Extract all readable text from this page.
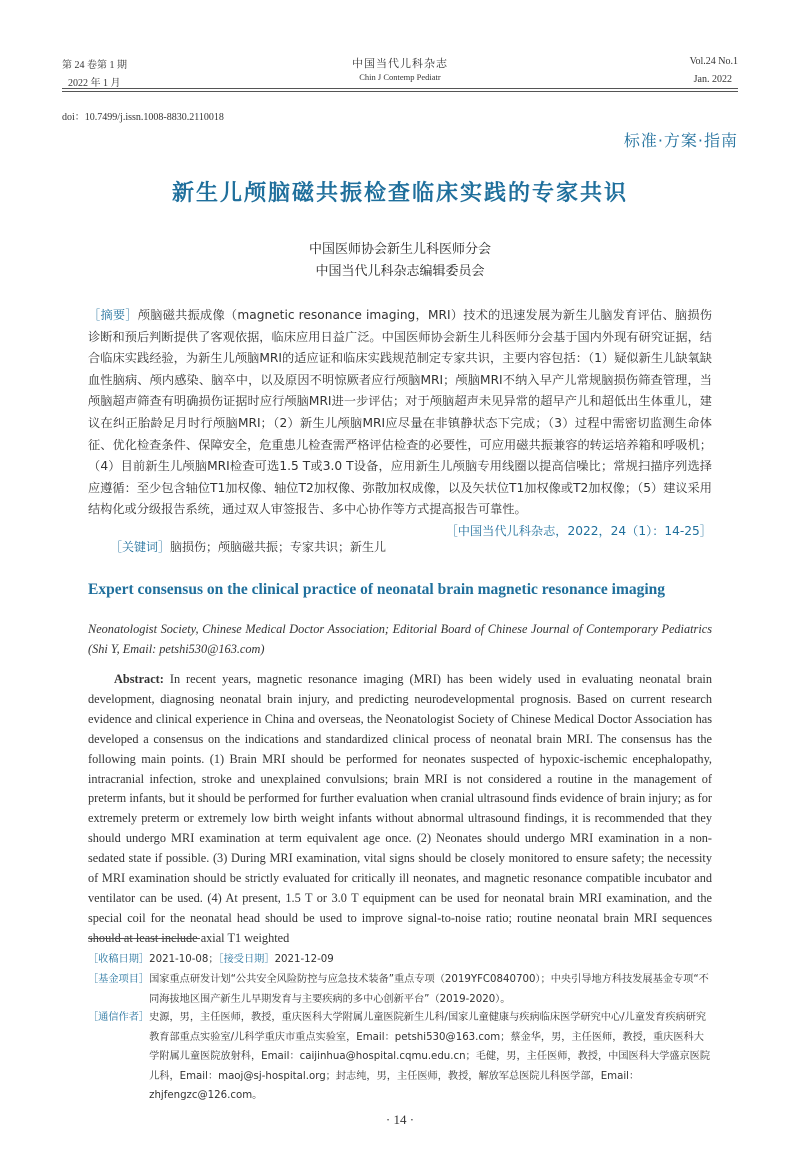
第 24 卷第 1 期
2022 年 1 月
中国当代儿科杂志
Chin J Contemp Pediatr
Vol.24 No.1
Jan. 2022
doi：10.7499/j.issn.1008-8830.2110018
标准·方案·指南
新生儿颅脑磁共振检查临床实践的专家共识
中国医师协会新生儿科医师分会
中国当代儿科杂志编辑委员会
［摘要］颅脑磁共振成像（magnetic resonance imaging，MRI）技术的迅速发展为新生儿脑发育评估、脑损伤诊断和预后判断提供了客观依据，临床应用日益广泛。中国医师协会新生儿科医师分会基于国内外现有研究证据，结合临床实践经验，为新生儿颅脑MRI的适应证和临床实践规范制定专家共识，主要内容包括：（1）疑似新生儿缺氧缺血性脑病、颅内感染、脑卒中，以及原因不明惊厥者应行颅脑MRI；颅脑MRI不纳入早产儿常规脑损伤筛查管理，当颅脑超声筛查有明确损伤证据时应行颅脑MRI进一步评估；对于颅脑超声未见异常的超早产儿和超低出生体重儿，建议在纠正胎龄足月时行颅脑MRI；（2）新生儿颅脑MRI应尽量在非镇静状态下完成；（3）过程中需密切监测生命体征、优化检查条件、保障安全，危重患儿检查需严格评估检查的必要性，可应用磁共振兼容的转运培养箱和呼吸机；（4）目前新生儿颅脑MRI检查可选1.5 T或3.0 T设备，应用新生儿颅脑专用线圈以提高信噪比；常规扫描序列选择应遵循：至少包含轴位T1加权像、轴位T2加权像、弥散加权成像，以及矢状位T1加权像或T2加权像；（5）建议采用结构化或分级报告系统，通过双人审签报告、多中心协作等方式提高报告可靠性。
［中国当代儿科杂志，2022，24（1）：14-25］
［关键词］脑损伤；颅脑磁共振；专家共识；新生儿
Expert consensus on the clinical practice of neonatal brain magnetic resonance imaging
Neonatologist Society, Chinese Medical Doctor Association; Editorial Board of Chinese Journal of Contemporary Pediatrics (Shi Y, Email: petshi530@163.com)
Abstract: In recent years, magnetic resonance imaging (MRI) has been widely used in evaluating neonatal brain development, diagnosing neonatal brain injury, and predicting neurodevelopmental prognosis. Based on current research evidence and clinical experience in China and overseas, the Neonatologist Society of Chinese Medical Doctor Association has developed a consensus on the indications and standardized clinical process of neonatal brain MRI. The consensus has the following main points. (1) Brain MRI should be performed for neonates suspected of hypoxic-ischemic encephalopathy, intracranial infection, stroke and unexplained convulsions; brain MRI is not considered a routine in the management of preterm infants, but it should be performed for further evaluation when cranial ultrasound finds evidence of brain injury; as for extremely preterm or extremely low birth weight infants without abnormal ultrasound findings, it is recommended that they should undergo MRI examination at term equivalent age once. (2) Neonates should undergo MRI examination in a non-sedated state if possible. (3) During MRI examination, vital signs should be closely monitored to ensure safety; the necessity of MRI examination should be strictly evaluated for critically ill neonates, and magnetic resonance compatible incubator and ventilator can be used. (4) At present, 1.5 T or 3.0 T equipment can be used for neonatal brain MRI examination, and the special coil for the neonatal head should be used to improve signal-to-noise ratio; routine neonatal brain MRI sequences should at least include axial T1 weighted
［收稿日期］2021-10-08；［接受日期］2021-12-09
［基金项目］ 国家重点研发计划“公共安全风险防控与应急技术装备”重点专项（2019YFC0840700）；中央引导地方科技发展基金专项“不同海拔地区围产新生儿早期发育与主要疾病的多中心创新平台”（2019-2020）。
［通信作者］ 史源，男，主任医师，教授，重庆医科大学附属儿童医院新生儿科/国家儿童健康与疾病临床医学研究中心/儿童发育疾病研究教育部重点实验室/儿科学重庆市重点实验室，Email：petshi530@163.com；蔡金华，男，主任医师，教授，重庆医科大学附属儿童医院放射科，Email：caijinhua@hospital.cqmu.edu.cn；毛健，男，主任医师，教授，中国医科大学盛京医院儿科，Email：maoj@sj-hospital.org；封志纯，男，主任医师，教授，解放军总医院儿科医学部，Email：zhjfengzc@126.com。
· 14 ·
